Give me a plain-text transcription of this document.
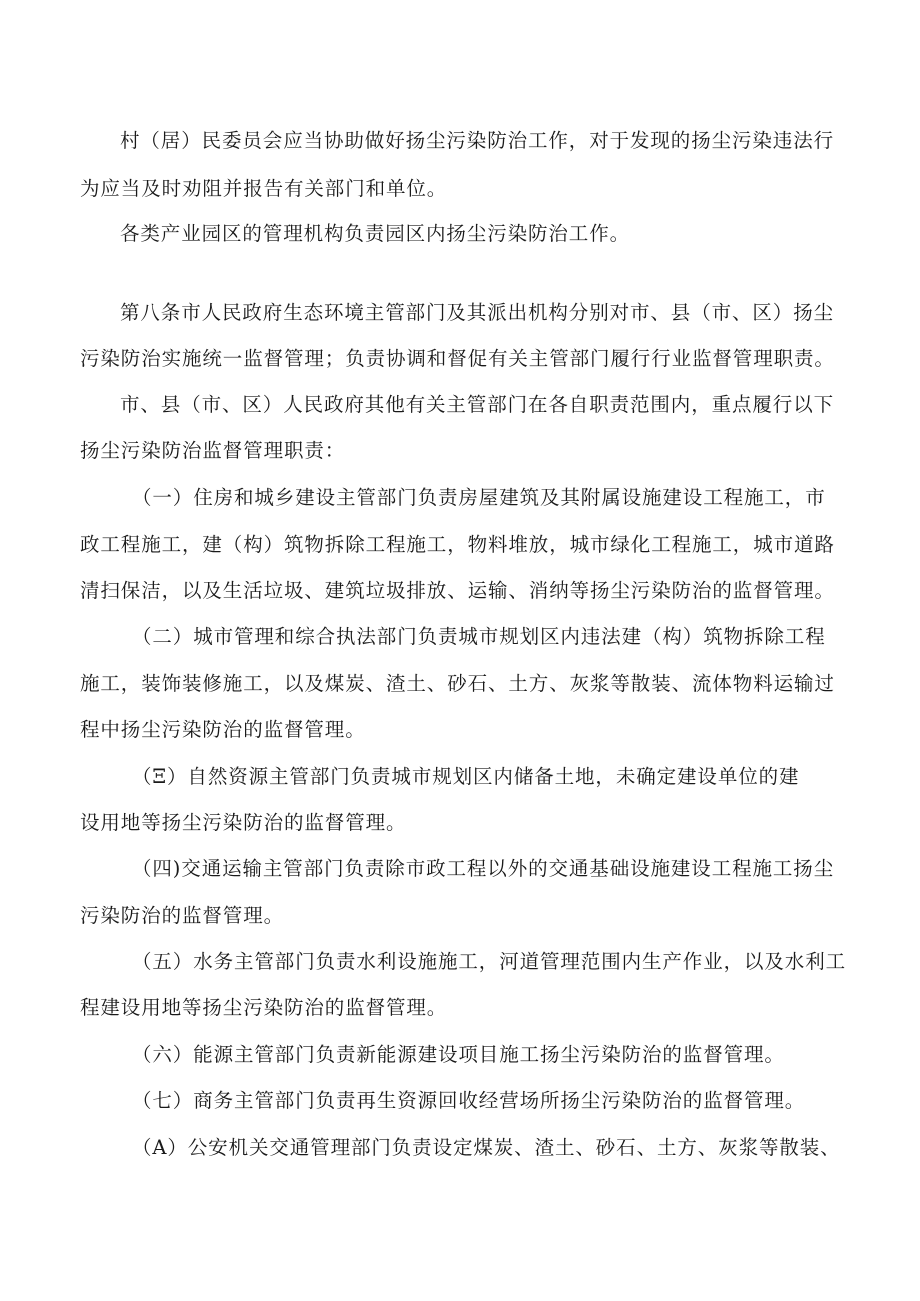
村（居）民委员会应当协助做好扬尘污染防治工作，对于发现的扬尘污染违法行
为应当及时劝阻并报告有关部门和单位。
各类产业园区的管理机构负责园区内扬尘污染防治工作。
第八条市人民政府生态环境主管部门及其派出机构分别对市、县（市、区）扬尘
污染防治实施统一监督管理；负责协调和督促有关主管部门履行行业监督管理职责。
市、县（市、区）人民政府其他有关主管部门在各自职责范围内，重点履行以下
扬尘污染防治监督管理职责：
（一）住房和城乡建设主管部门负责房屋建筑及其附属设施建设工程施工，市
政工程施工，建（构）筑物拆除工程施工，物料堆放，城市绿化工程施工，城市道路
清扫保洁，以及生活垃圾、建筑垃圾排放、运输、消纳等扬尘污染防治的监督管理。
（二）城市管理和综合执法部门负责城市规划区内违法建（构）筑物拆除工程
施工，装饰装修施工，以及煤炭、渣土、砂石、土方、灰浆等散装、流体物料运输过
程中扬尘污染防治的监督管理。
（Ξ）自然资源主管部门负责城市规划区内储备土地，未确定建设单位的建
设用地等扬尘污染防治的监督管理。
（四)交通运输主管部门负责除市政工程以外的交通基础设施建设工程施工扬尘
污染防治的监督管理。
（五）水务主管部门负责水利设施施工，河道管理范围内生产作业，以及水利工
程建设用地等扬尘污染防治的监督管理。
（六）能源主管部门负责新能源建设项目施工扬尘污染防治的监督管理。
（七）商务主管部门负责再生资源回收经营场所扬尘污染防治的监督管理。
（A）公安机关交通管理部门负责设定煤炭、渣土、砂石、土方、灰浆等散装、
